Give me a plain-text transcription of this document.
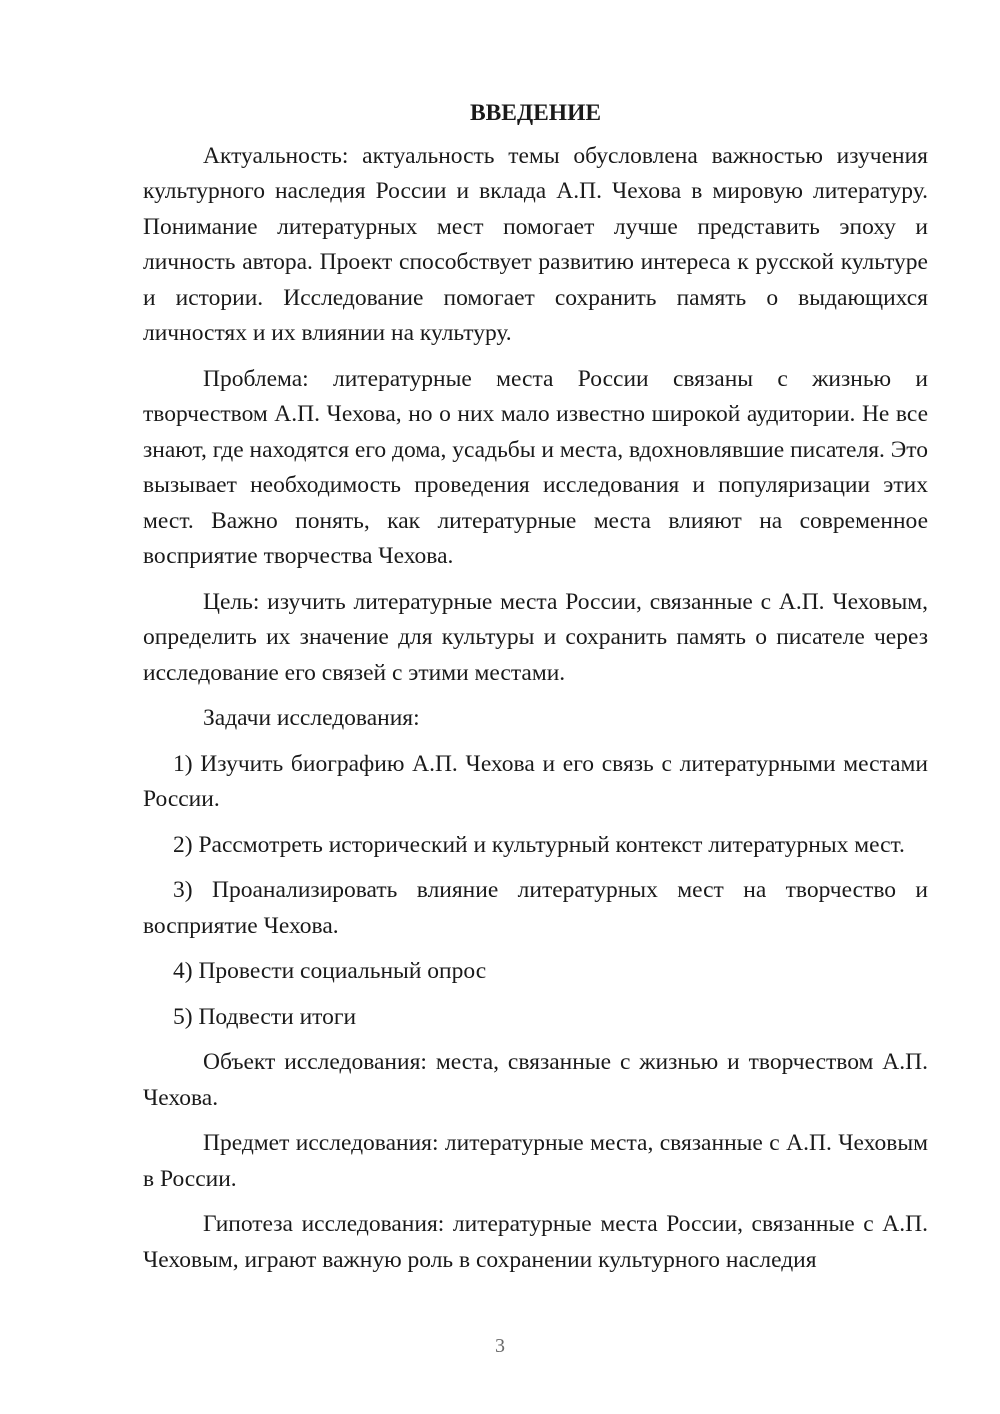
ВВЕДЕНИЕ

Актуальность: актуальность темы обусловлена важностью изучения культурного наследия России и вклада А.П. Чехова в мировую литературу. Понимание литературных мест помогает лучше представить эпоху и личность автора. Проект способствует развитию интереса к русской культуре и истории. Исследование помогает сохранить память о выдающихся личностях и их влиянии на культуру.

Проблема: литературные места России связаны с жизнью и творчеством А.П. Чехова, но о них мало известно широкой аудитории. Не все знают, где находятся его дома, усадьбы и места, вдохновлявшие писателя. Это вызывает необходимость проведения исследования и популяризации этих мест. Важно понять, как литературные места влияют на современное восприятие творчества Чехова.

Цель: изучить литературные места России, связанные с А.П. Чеховым, определить их значение для культуры и сохранить память о писателе через исследование его связей с этими местами.

Задачи исследования:

1) Изучить биографию А.П. Чехова и его связь с литературными местами России.

2) Рассмотреть исторический и культурный контекст литературных мест.

3) Проанализировать влияние литературных мест на творчество и восприятие Чехова.

4) Провести социальный опрос

5) Подвести итоги

Объект исследования: места, связанные с жизнью и творчеством А.П. Чехова.

Предмет исследования: литературные места, связанные с А.П. Чеховым в России.

Гипотеза исследования: литературные места России, связанные с А.П. Чеховым, играют важную роль в сохранении культурного наследия

3
